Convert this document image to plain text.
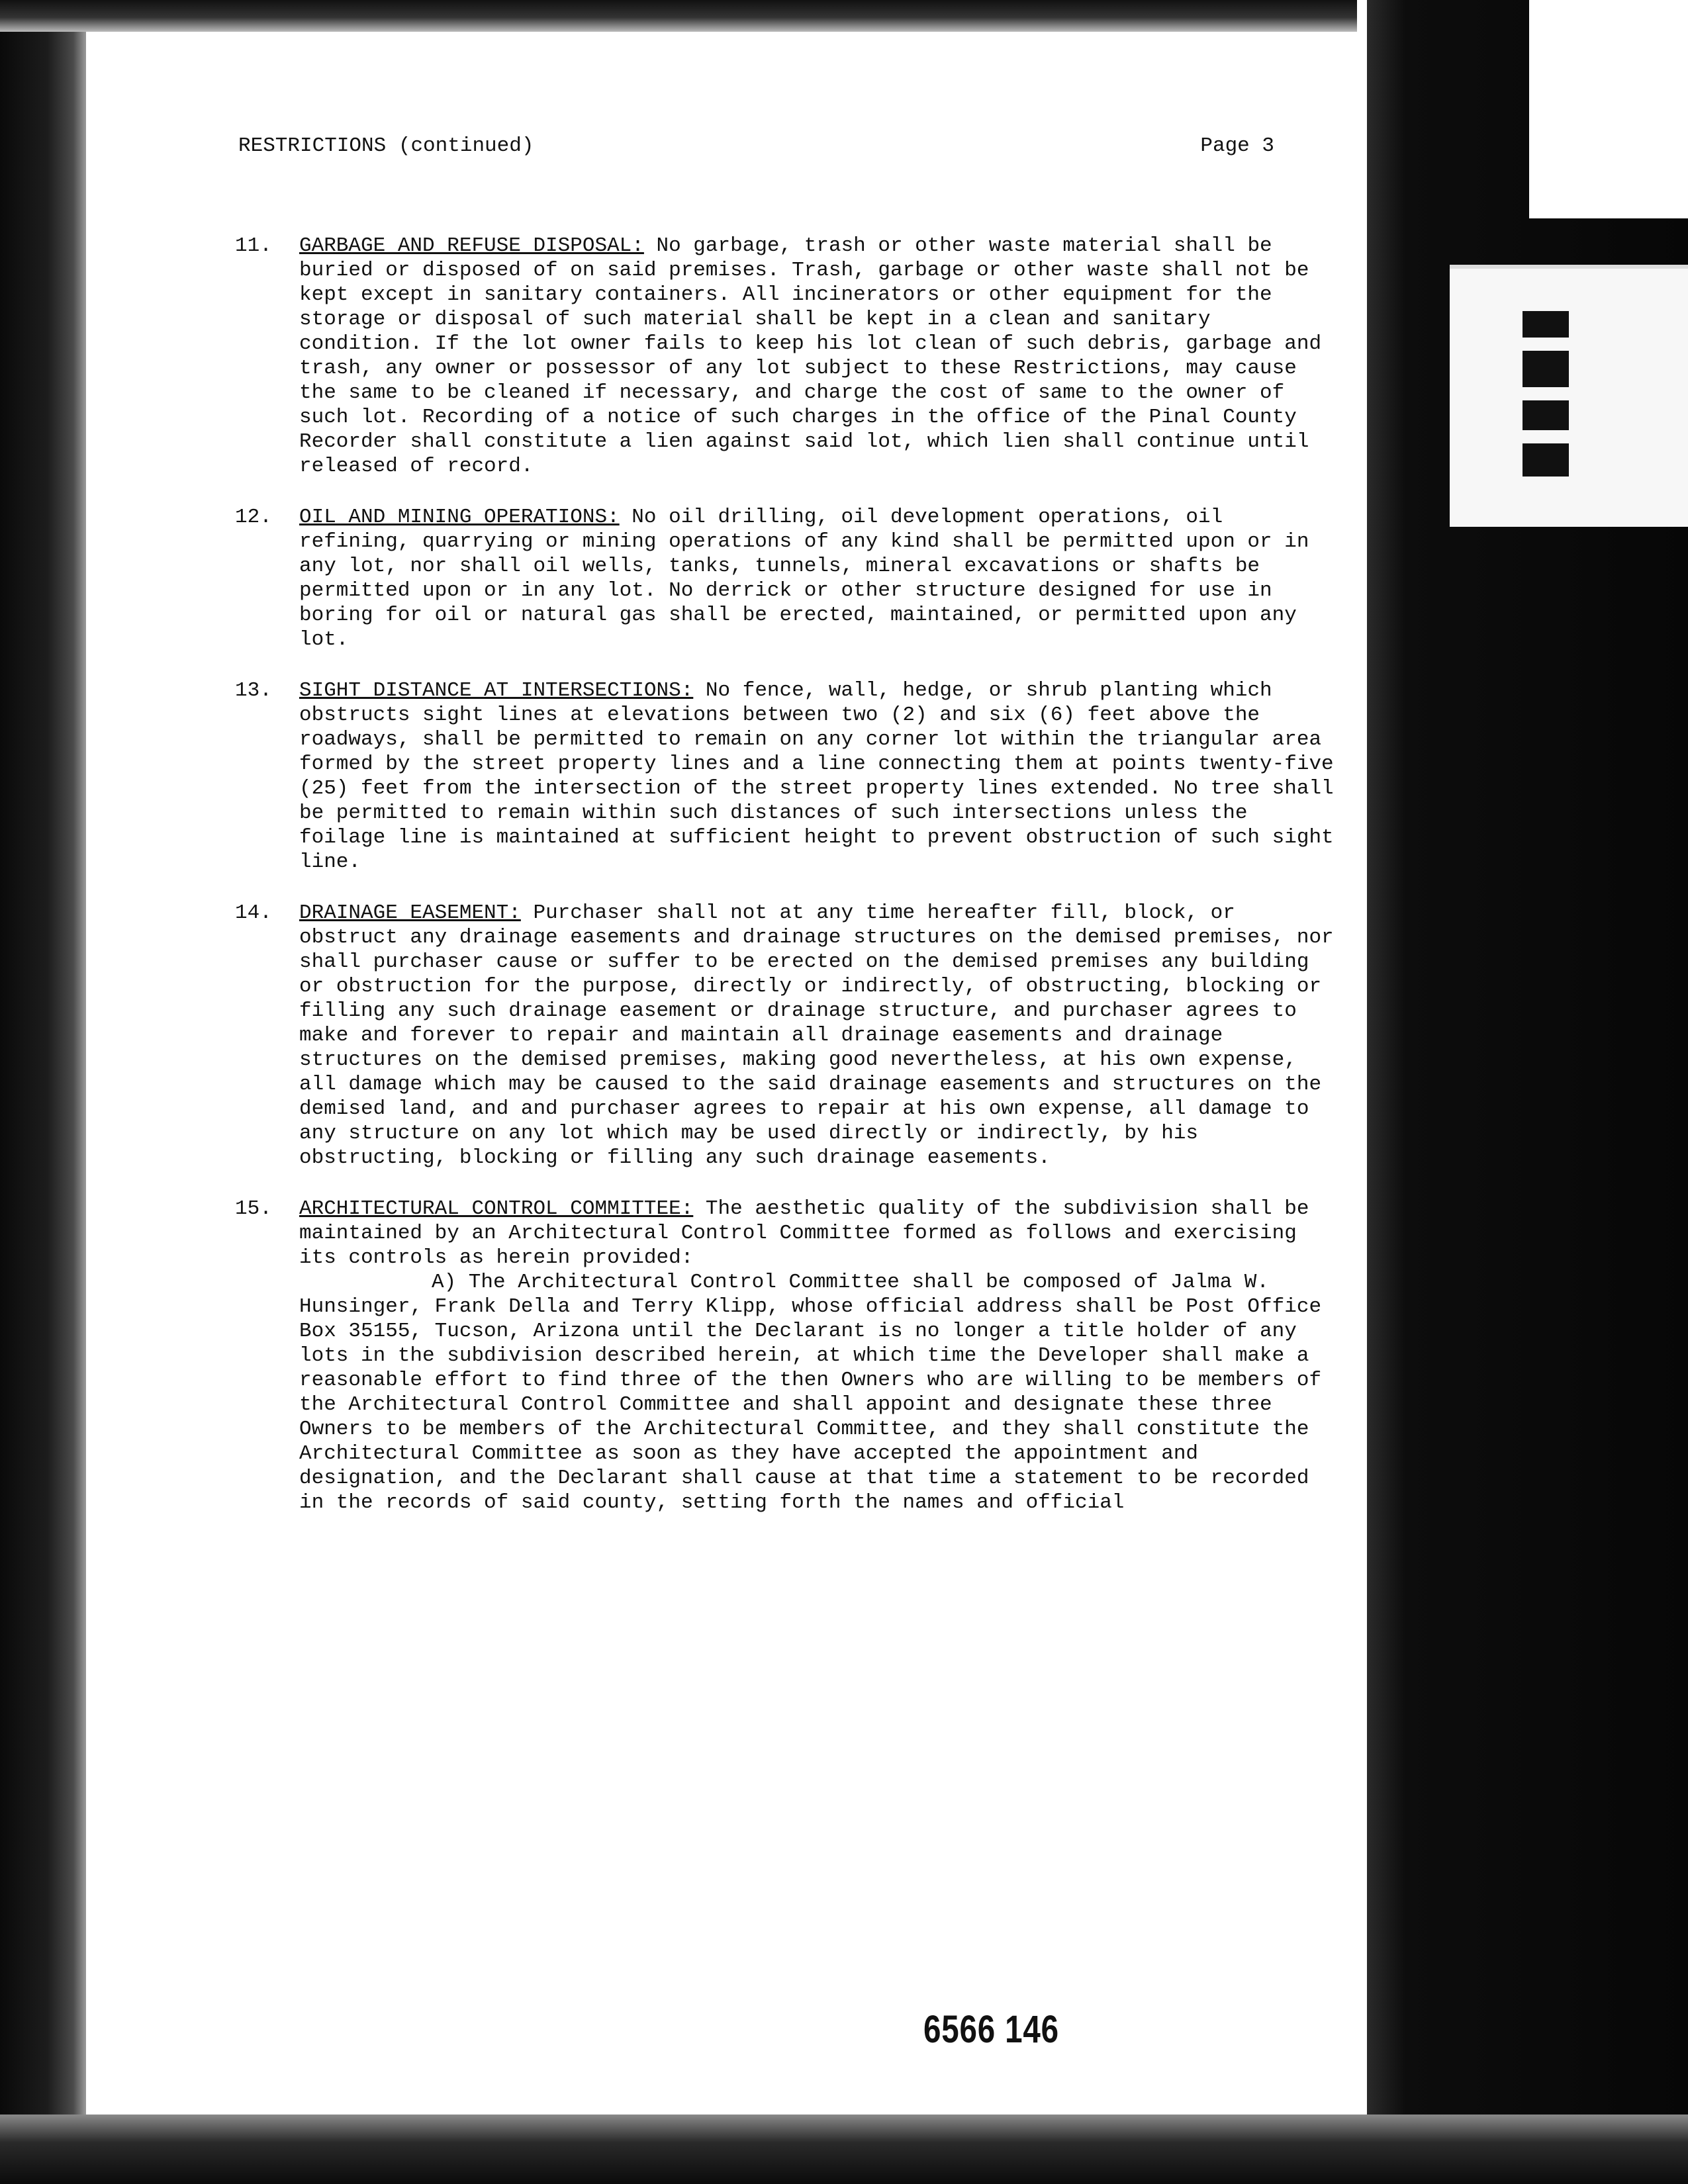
RESTRICTIONS (continued)	Page 3
11. GARBAGE AND REFUSE DISPOSAL: No garbage, trash or other waste material shall be buried or disposed of on said premises. Trash, garbage or other waste shall not be kept except in sanitary containers. All incinerators or other equipment for the storage or disposal of such material shall be kept in a clean and sanitary condition. If the lot owner fails to keep his lot clean of such debris, garbage and trash, any owner or possessor of any lot subject to these Restrictions, may cause the same to be cleaned if necessary, and charge the cost of same to the owner of such lot. Recording of a notice of such charges in the office of the Pinal County Recorder shall constitute a lien against said lot, which lien shall continue until released of record.
12. OIL AND MINING OPERATIONS: No oil drilling, oil development operations, oil refining, quarrying or mining operations of any kind shall be permitted upon or in any lot, nor shall oil wells, tanks, tunnels, mineral excavations or shafts be permitted upon or in any lot. No derrick or other structure designed for use in boring for oil or natural gas shall be erected, maintained, or permitted upon any lot.
13. SIGHT DISTANCE AT INTERSECTIONS: No fence, wall, hedge, or shrub planting which obstructs sight lines at elevations between two (2) and six (6) feet above the roadways, shall be permitted to remain on any corner lot within the triangular area formed by the street property lines and a line connecting them at points twenty-five (25) feet from the intersection of the street property lines extended. No tree shall be permitted to remain within such distances of such intersections unless the foilage line is maintained at sufficient height to prevent obstruction of such sight line.
14. DRAINAGE EASEMENT: Purchaser shall not at any time hereafter fill, block, or obstruct any drainage easements and drainage structures on the demised premises, nor shall purchaser cause or suffer to be erected on the demised premises any building or obstruction for the purpose, directly or indirectly, of obstructing, blocking or filling any such drainage easement or drainage structure, and purchaser agrees to make and forever to repair and maintain all drainage easements and drainage structures on the demised premises, making good nevertheless, at his own expense, all damage which may be caused to the said drainage easements and structures on the demised land, and and purchaser agrees to repair at his own expense, all damage to any structure on any lot which may be used directly or indirectly, by his obstructing, blocking or filling any such drainage easements.
15. ARCHITECTURAL CONTROL COMMITTEE: The aesthetic quality of the subdivision shall be maintained by an Architectural Control Committee formed as follows and exercising its controls as herein provided:
A) The Architectural Control Committee shall be composed of Jalma W. Hunsinger, Frank Della and Terry Klipp, whose official address shall be Post Office Box 35155, Tucson, Arizona until the Declarant is no longer a title holder of any lots in the subdivision described herein, at which time the Developer shall make a reasonable effort to find three of the then Owners who are willing to be members of the Architectural Control Committee and shall appoint and designate these three Owners to be members of the Architectural Committee, and they shall constitute the Architectural Committee as soon as they have accepted the appointment and designation, and the Declarant shall cause at that time a statement to be recorded in the records of said county, setting forth the names and official
6566 146
